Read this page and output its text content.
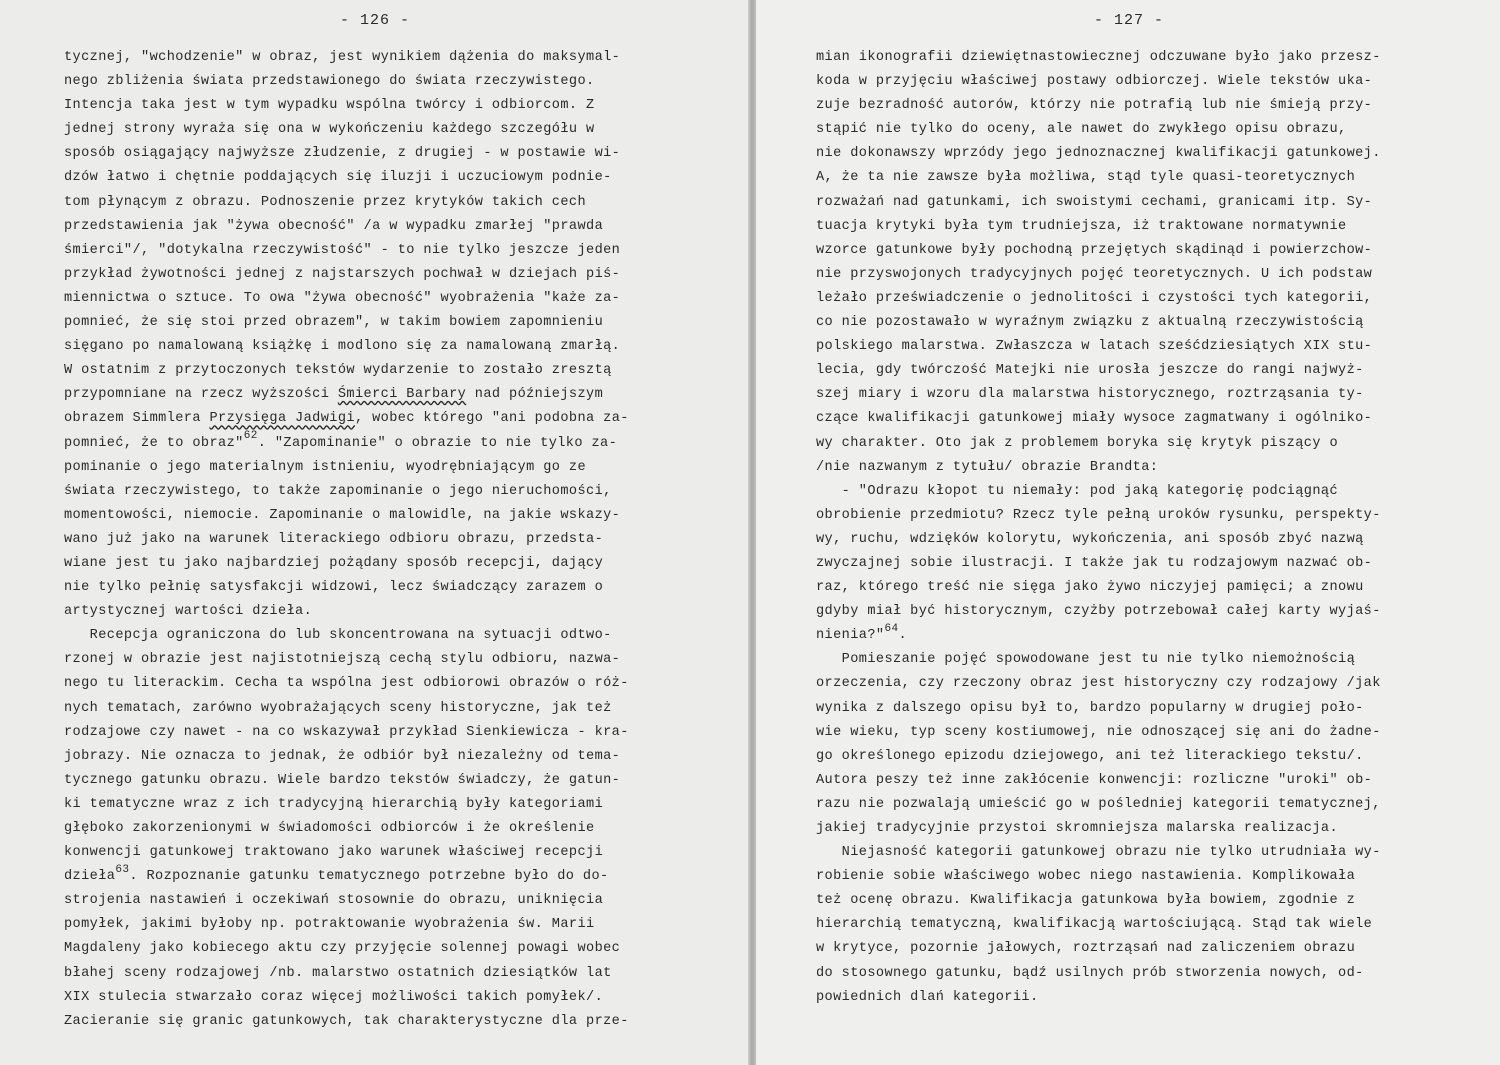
- 126 -
tycznej, "wchodzenie" w obraz, jest wynikiem dążenia do maksymal-
nego zbliżenia świata przedstawionego do świata rzeczywistego.
Intencja taka jest w tym wypadku wspólna twórcy i odbiorcom. Z
jednej strony wyraża się ona w wykończeniu każdego szczegółu w
sposób osiągający najwyższe złudzenie, z drugiej - w postawie wi-
dzów łatwo i chętnie poddających się iluzji i uczuciowym podnie-
tom płynącym z obrazu. Podnoszenie przez krytyków takich cech
przedstawienia jak "żywa obecność" /a w wypadku zmarłej "prawda
śmierci"/, "dotykalna rzeczywistość" - to nie tylko jeszcze jeden
przykład żywotności jednej z najstarszych pochwał w dziejach piś-
miennictwa o sztuce. To owa "żywa obecność" wyobrażenia "każe za-
pomnieć, że się stoi przed obrazem", w takim bowiem zapomnieniu
sięgano po namalowaną książkę i modlono się za namalowaną zmarłą.
W ostatnim z przytoczonych tekstów wydarzenie to zostało zresztą
przypomniane na rzecz wyższości Śmierci Barbary nad późniejszym
obrazem Simmlera Przysięga Jadwigi, wobec którego "ani podobna za-
pomnieć, że to obraz"$^{62}$. "Zapominanie" o obrazie to nie tylko za-
pominanie o jego materialnym istnieniu, wyodrębniającym go ze
świata rzeczywistego, to także zapominanie o jego nieruchomości,
momentowości, niemocie. Zapominanie o malowidle, na jakie wskazy-
wano już jako na warunek literackiego odbioru obrazu, przedsta-
wiane jest tu jako najbardziej pożądany sposób recepcji, dający
nie tylko pełnię satysfakcji widzowi, lecz świadczący zarazem o
artystycznej wartości dzieła.
Recepcja ograniczona do lub skoncentrowana na sytuacji odtwo-
rzonej w obrazie jest najistotniejszą cechą stylu odbioru, nazwa-
nego tu literackim. Cecha ta wspólna jest odbiorowi obrazów o róż-
nych tematach, zarówno wyobrażających sceny historyczne, jak też
rodzajowe czy nawet - na co wskazywał przykład Sienkiewicza - kra-
jobrazy. Nie oznacza to jednak, że odbiór był niezależny od tema-
tycznego gatunku obrazu. Wiele bardzo tekstów świadczy, że gatun-
ki tematyczne wraz z ich tradycyjną hierarchią były kategoriami
głęboko zakorzenionymi w świadomości odbiorców i że określenie
konwencji gatunkowej traktowano jako warunek właściwej recepcji
dzieła$^{63}$. Rozpoznanie gatunku tematycznego potrzebne było do do-
strojenia nastawień i oczekiwań stosownie do obrazu, uniknięcia
pomyłek, jakimi byłoby np. potraktowanie wyobrażenia św. Marii
Magdaleny jako kobiecego aktu czy przyjęcie solennej powagi wobec
błahej sceny rodzajowej /nb. malarstwo ostatnich dziesiątków lat
XIX stulecia stwarzało coraz więcej możliwości takich pomyłek/.
Zacieranie się granic gatunkowych, tak charakterystyczne dla prze-
- 127 -
mian ikonografii dziewiętnastowiecznej odczuwane było jako przesz-
koda w przyjęciu właściwej postawy odbiorczej. Wiele tekstów uka-
zuje bezradność autorów, którzy nie potrafią lub nie śmieją przy-
stąpić nie tylko do oceny, ale nawet do zwykłego opisu obrazu,
nie dokonawszy wprzódy jego jednoznacznej kwalifikacji gatunkowej.
A, że ta nie zawsze była możliwa, stąd tyle quasi-teoretycznych
rozważań nad gatunkami, ich swoistymi cechami, granicami itp. Sy-
tuacja krytyki była tym trudniejsza, iż traktowane normatywnie
wzorce gatunkowe były pochodną przejętych skądinąd i powierzchow-
nie przyswojonych tradycyjnych pojęć teoretycznych. U ich podstaw
leżało przeświadczenie o jednolitości i czystości tych kategorii,
co nie pozostawało w wyraźnym związku z aktualną rzeczywistością
polskiego malarstwa. Zwłaszcza w latach sześćdziesiątych XIX stu-
lecia, gdy twórczość Matejki nie urosła jeszcze do rangi najwyż-
szej miary i wzoru dla malarstwa historycznego, roztrząsania ty-
czące kwalifikacji gatunkowej miały wysoce zagmatwany i ogólniko-
wy charakter. Oto jak z problemem boryka się krytyk piszący o
/nie nazwanym z tytułu/ obrazie Brandta:
- "Odrazu kłopot tu niemały: pod jaką kategorię podciągnąć
obrobienie przedmiotu? Rzecz tyle pełną uroków rysunku, perspekty-
wy, ruchu, wdzięków kolorytu, wykończenia, ani sposób zbyć nazwą
zwyczajnej sobie ilustracji. I także jak tu rodzajowym nazwać ob-
raz, którego treść nie sięga jako żywo niczyjej pamięci; a znowu
gdyby miał być historycznym, czyżby potrzebował całej karty wyjaś-
nienia?"$^{64}$.
Pomieszanie pojęć spowodowane jest tu nie tylko niemożnością
orzeczenia, czy rzeczony obraz jest historyczny czy rodzajowy /jak
wynika z dalszego opisu był to, bardzo popularny w drugiej poło-
wie wieku, typ sceny kostiumowej, nie odnoszącej się ani do żadne-
go określonego epizodu dziejowego, ani też literackiego tekstu/.
Autora peszy też inne zakłócenie konwencji: rozliczne "uroki" ob-
razu nie pozwalają umieścić go w pośledniej kategorii tematycznej,
jakiej tradycyjnie przystoi skromniejsza malarska realizacja.
Niejasność kategorii gatunkowej obrazu nie tylko utrudniała wy-
robienie sobie właściwego wobec niego nastawienia. Komplikowała
też ocenę obrazu. Kwalifikacja gatunkowa była bowiem, zgodnie z
hierarchią tematyczną, kwalifikacją wartościującą. Stąd tak wiele
w krytyce, pozornie jałowych, roztrząsań nad zaliczeniem obrazu
do stosownego gatunku, bądź usilnych prób stworzenia nowych, od-
powiednich dlań kategorii.
